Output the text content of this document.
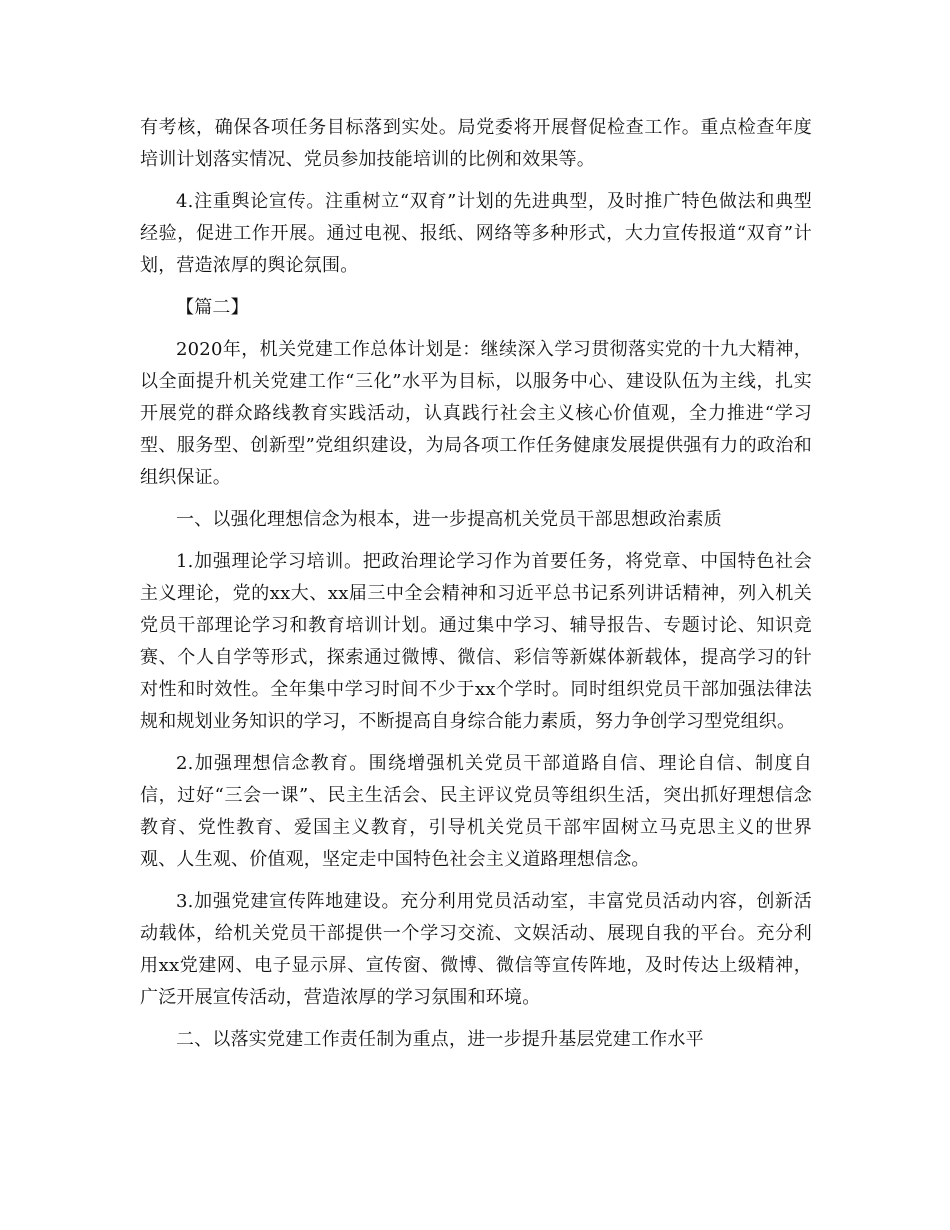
有考核，确保各项任务目标落到实处。局党委将开展督促检查工作。重点检查年度培训计划落实情况、党员参加技能培训的比例和效果等。

4.注重舆论宣传。注重树立“双育”计划的先进典型，及时推广特色做法和典型经验，促进工作开展。通过电视、报纸、网络等多种形式，大力宣传报道“双育”计划，营造浓厚的舆论氛围。

【篇二】

2020年，机关党建工作总体计划是：继续深入学习贯彻落实党的十九大精神，以全面提升机关党建工作“三化”水平为目标，以服务中心、建设队伍为主线，扎实开展党的群众路线教育实践活动，认真践行社会主义核心价值观，全力推进“学习型、服务型、创新型”党组织建设，为局各项工作任务健康发展提供强有力的政治和组织保证。

一、以强化理想信念为根本，进一步提高机关党员干部思想政治素质

1.加强理论学习培训。把政治理论学习作为首要任务，将党章、中国特色社会主义理论，党的xx大、xx届三中全会精神和习近平总书记系列讲话精神，列入机关党员干部理论学习和教育培训计划。通过集中学习、辅导报告、专题讨论、知识竞赛、个人自学等形式，探索通过微博、微信、彩信等新媒体新载体，提高学习的针对性和时效性。全年集中学习时间不少于xx个学时。同时组织党员干部加强法律法规和规划业务知识的学习，不断提高自身综合能力素质，努力争创学习型党组织。

2.加强理想信念教育。围绕增强机关党员干部道路自信、理论自信、制度自信，过好“三会一课”、民主生活会、民主评议党员等组织生活，突出抓好理想信念教育、党性教育、爱国主义教育，引导机关党员干部牢固树立马克思主义的世界观、人生观、价值观，坚定走中国特色社会主义道路理想信念。

3.加强党建宣传阵地建设。充分利用党员活动室，丰富党员活动内容，创新活动载体，给机关党员干部提供一个学习交流、文娱活动、展现自我的平台。充分利用xx党建网、电子显示屏、宣传窗、微博、微信等宣传阵地，及时传达上级精神，广泛开展宣传活动，营造浓厚的学习氛围和环境。

二、以落实党建工作责任制为重点，进一步提升基层党建工作水平
